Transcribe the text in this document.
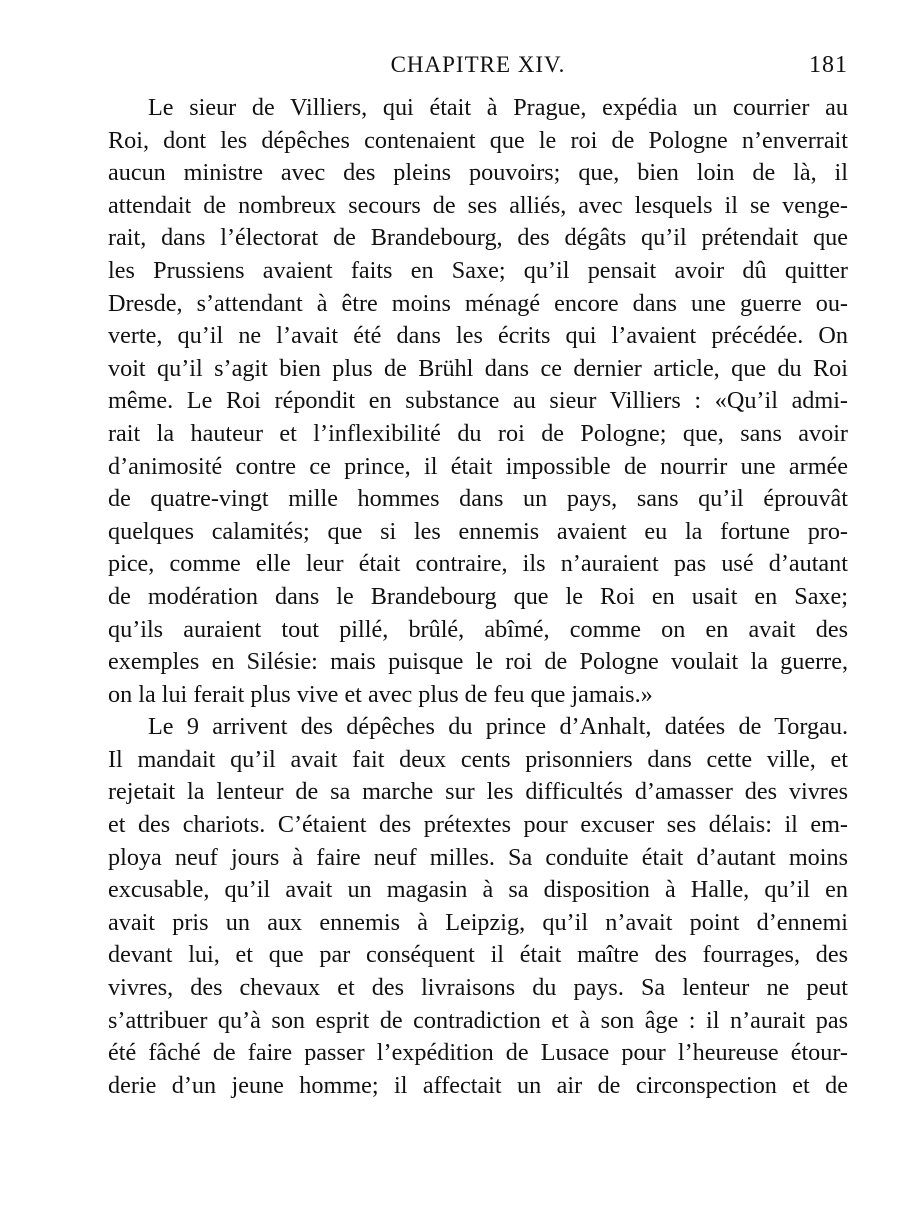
CHAPITRE XIV.	181
Le sieur de Villiers, qui était à Prague, expédia un courrier au
Roi, dont les dépêches contenaient que le roi de Pologne n’enverrait
aucun ministre avec des pleins pouvoirs; que, bien loin de là, il
attendait de nombreux secours de ses alliés, avec lesquels il se venge-
rait, dans l’électorat de Brandebourg, des dégâts qu’il prétendait que
les Prussiens avaient faits en Saxe; qu’il pensait avoir dû quitter
Dresde, s’attendant à être moins ménagé encore dans une guerre ou-
verte, qu’il ne l’avait été dans les écrits qui l’avaient précédée. On
voit qu’il s’agit bien plus de Brühl dans ce dernier article, que du Roi
même. Le Roi répondit en substance au sieur Villiers : «Qu’il admi-
rait la hauteur et l’inflexibilité du roi de Pologne; que, sans avoir
d’animosité contre ce prince, il était impossible de nourrir une armée
de quatre-vingt mille hommes dans un pays, sans qu’il éprouvât
quelques calamités; que si les ennemis avaient eu la fortune pro-
pice, comme elle leur était contraire, ils n’auraient pas usé d’autant
de modération dans le Brandebourg que le Roi en usait en Saxe;
qu’ils auraient tout pillé, brûlé, abîmé, comme on en avait des
exemples en Silésie: mais puisque le roi de Pologne voulait la guerre,
on la lui ferait plus vive et avec plus de feu que jamais.»
Le 9 arrivent des dépêches du prince d’Anhalt, datées de Torgau.
Il mandait qu’il avait fait deux cents prisonniers dans cette ville, et
rejetait la lenteur de sa marche sur les difficultés d’amasser des vivres
et des chariots. C’étaient des prétextes pour excuser ses délais: il em-
ploya neuf jours à faire neuf milles. Sa conduite était d’autant moins
excusable, qu’il avait un magasin à sa disposition à Halle, qu’il en
avait pris un aux ennemis à Leipzig, qu’il n’avait point d’ennemi
devant lui, et que par conséquent il était maître des fourrages, des
vivres, des chevaux et des livraisons du pays. Sa lenteur ne peut
s’attribuer qu’à son esprit de contradiction et à son âge : il n’aurait pas
été fâché de faire passer l’expédition de Lusace pour l’heureuse étour-
derie d’un jeune homme; il affectait un air de circonspection et de
